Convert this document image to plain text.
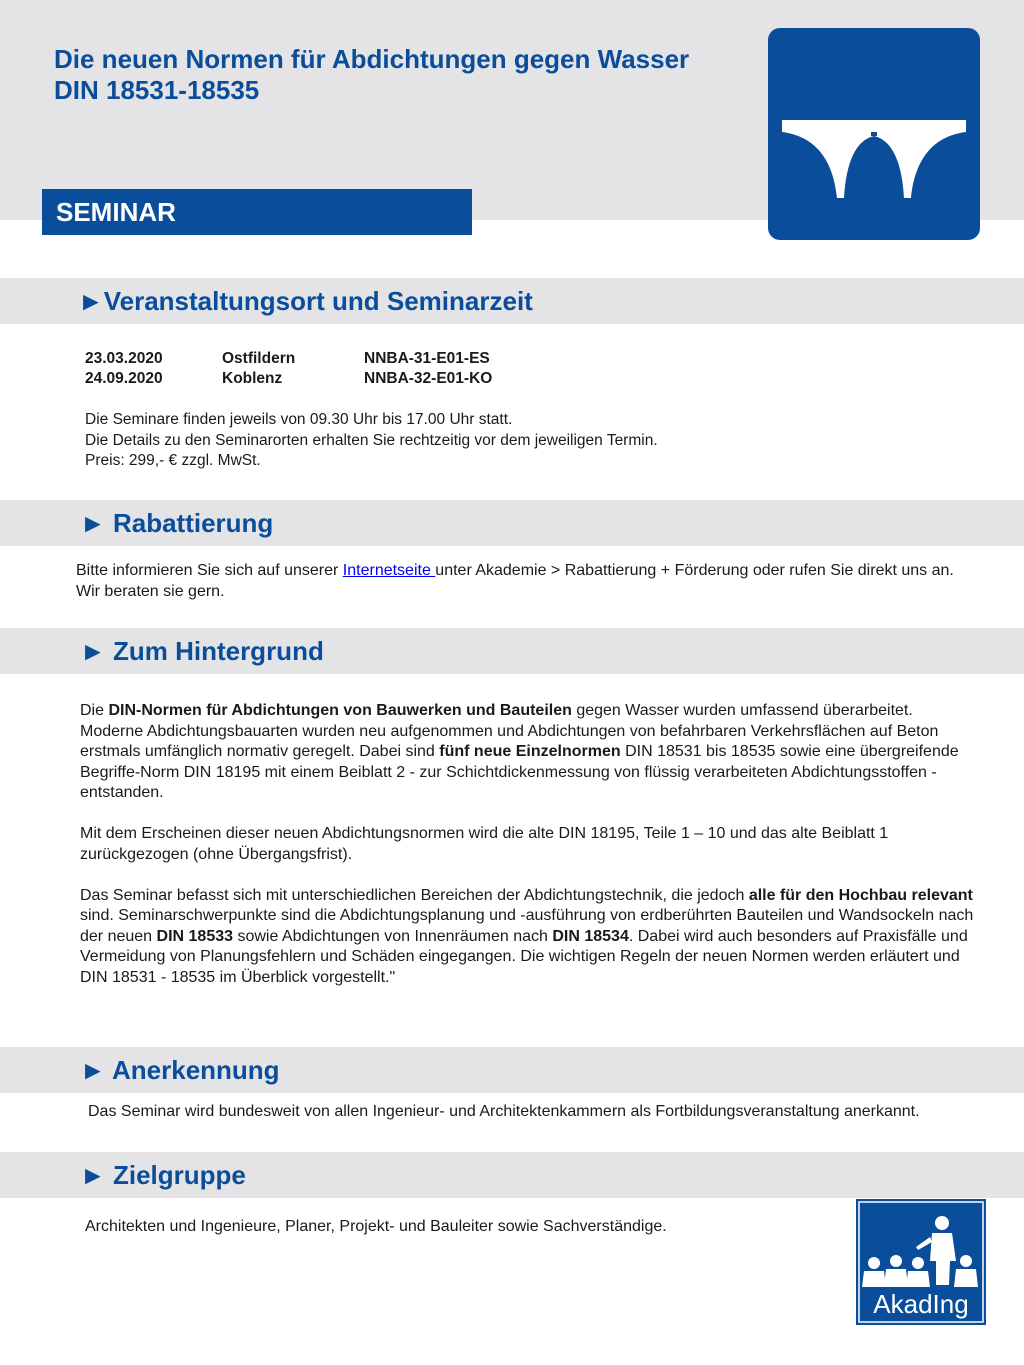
Die neuen Normen für Abdichtungen gegen Wasser
DIN 18531-18535
SEMINAR
►Veranstaltungsort und Seminarzeit
23.03.2020	Ostfildern	NNBA-31-E01-ES
24.09.2020	Koblenz	NNBA-32-E01-KO
Die Seminare finden jeweils von 09.30 Uhr bis 17.00 Uhr statt.
Die Details zu den Seminarorten erhalten Sie rechtzeitig vor dem jeweiligen Termin.
Preis: 299,- € zzgl. MwSt.
► Rabattierung
Bitte informieren Sie sich auf unserer Internetseite unter Akademie > Rabattierung + Förderung oder rufen Sie direkt uns an. Wir beraten sie gern.
► Zum Hintergrund

Die DIN-Normen für Abdichtungen von Bauwerken und Bauteilen gegen Wasser wurden umfassend überarbeitet. Moderne Abdichtungsbauarten wurden neu aufgenommen und Abdichtungen von befahrbaren Verkehrsflächen auf Beton erstmals umfänglich normativ geregelt. Dabei sind fünf neue Einzelnormen DIN 18531 bis 18535 sowie eine übergreifende Begriffe-Norm DIN 18195 mit einem Beiblatt 2 - zur Schichtdickenmessung von flüssig verarbeiteten Abdichtungsstoffen - entstanden.

Mit dem Erscheinen dieser neuen Abdichtungsnormen wird die alte DIN 18195, Teile 1 – 10 und das alte Beiblatt 1 zurückgezogen (ohne Übergangsfrist).

Das Seminar befasst sich mit unterschiedlichen Bereichen der Abdichtungstechnik, die jedoch alle für den Hochbau relevant sind. Seminarschwerpunkte sind die Abdichtungsplanung und -ausführung von erdberührten Bauteilen und Wandsockeln nach der neuen DIN 18533 sowie Abdichtungen von Innenräumen nach DIN 18534. Dabei wird auch besonders auf Praxisfälle und Vermeidung von Planungsfehlern und Schäden eingegangen. Die wichtigen Regeln der neuen Normen werden erläutert und DIN 18531 - 18535 im Überblick vorgestellt."

► Anerkennung
Das Seminar wird bundesweit von allen Ingenieur- und Architektenkammern als Fortbildungsveranstaltung anerkannt.
► Zielgruppe
Architekten und Ingenieure, Planer, Projekt- und Bauleiter sowie Sachverständige.
AkadIng
